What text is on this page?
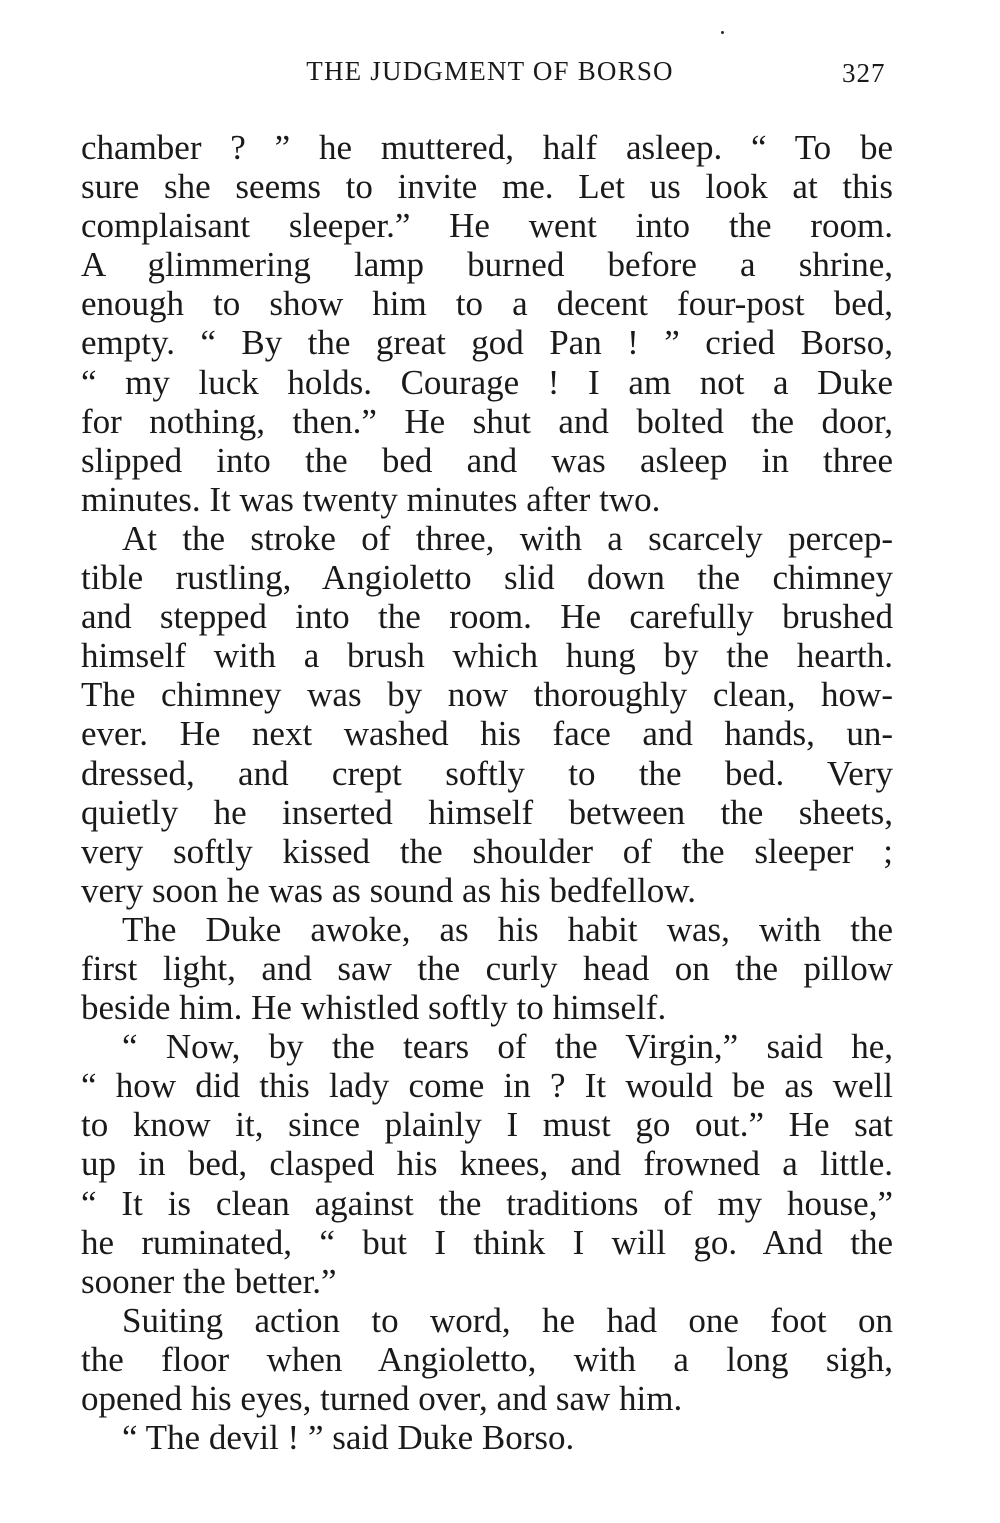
THE JUDGMENT OF BORSO	327
chamber ? ” he muttered, half asleep. “ To be
sure she seems to invite me. Let us look at this
complaisant sleeper.” He went into the room.
A glimmering lamp burned before a shrine,
enough to show him to a decent four-post bed,
empty. “ By the great god Pan ! ” cried Borso,
“ my luck holds. Courage ! I am not a Duke
for nothing, then.” He shut and bolted the door,
slipped into the bed and was asleep in three
minutes. It was twenty minutes after two.
At the stroke of three, with a scarcely percep-
tible rustling, Angioletto slid down the chimney
and stepped into the room. He carefully brushed
himself with a brush which hung by the hearth.
The chimney was by now thoroughly clean, how-
ever. He next washed his face and hands, un-
dressed, and crept softly to the bed. Very
quietly he inserted himself between the sheets,
very softly kissed the shoulder of the sleeper ;
very soon he was as sound as his bedfellow.
The Duke awoke, as his habit was, with the
first light, and saw the curly head on the pillow
beside him. He whistled softly to himself.
“ Now, by the tears of the Virgin,” said he,
“ how did this lady come in ? It would be as well
to know it, since plainly I must go out.” He sat
up in bed, clasped his knees, and frowned a little.
“ It is clean against the traditions of my house,”
he ruminated, “ but I think I will go. And the
sooner the better.”
Suiting action to word, he had one foot on
the floor when Angioletto, with a long sigh,
opened his eyes, turned over, and saw him.
“ The devil ! ” said Duke Borso.
